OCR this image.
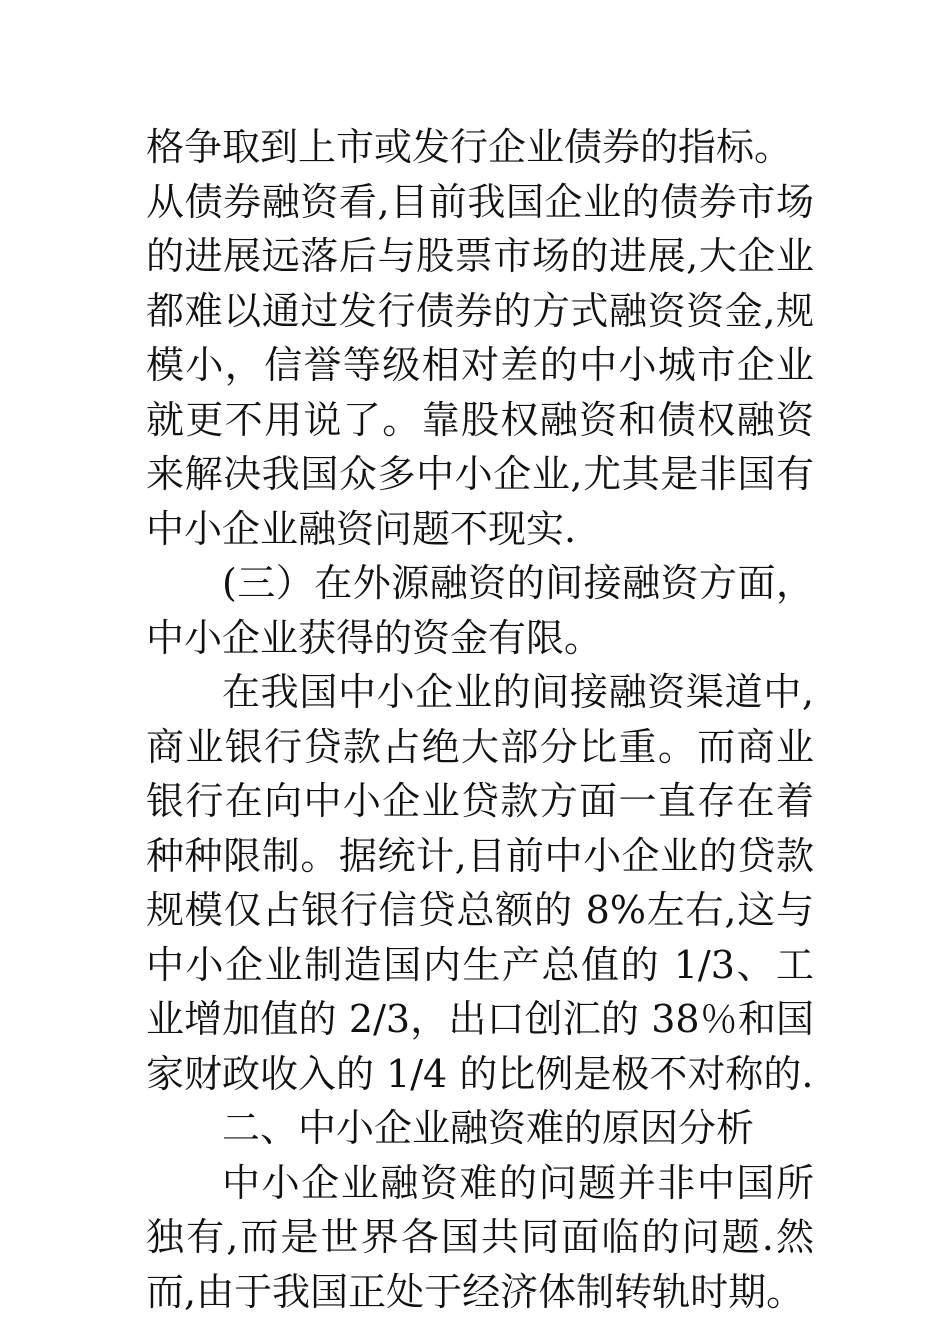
格争取到上市或发行企业债券的指标。
从债券融资看,目前我国企业的债券市场
的进展远落后与股票市场的进展,大企业
都难以通过发行债券的方式融资资金,规
模小，信誉等级相对差的中小城市企业
就更不用说了。靠股权融资和债权融资
来解决我国众多中小企业,尤其是非国有
中小企业融资问题不现实.
(三）在外源融资的间接融资方面，
中小企业获得的资金有限。
在我国中小企业的间接融资渠道中,
商业银行贷款占绝大部分比重。而商业
银行在向中小企业贷款方面一直存在着
种种限制。据统计,目前中小企业的贷款
规模仅占银行信贷总额的 8%左右,这与
中小企业制造国内生产总值的 1/3、工
业增加值的 2/3，出口创汇的 38％和国
家财政收入的 1/4 的比例是极不对称的.
二、中小企业融资难的原因分析
中小企业融资难的问题并非中国所
独有,而是世界各国共同面临的问题.然
而,由于我国正处于经济体制转轨时期。
